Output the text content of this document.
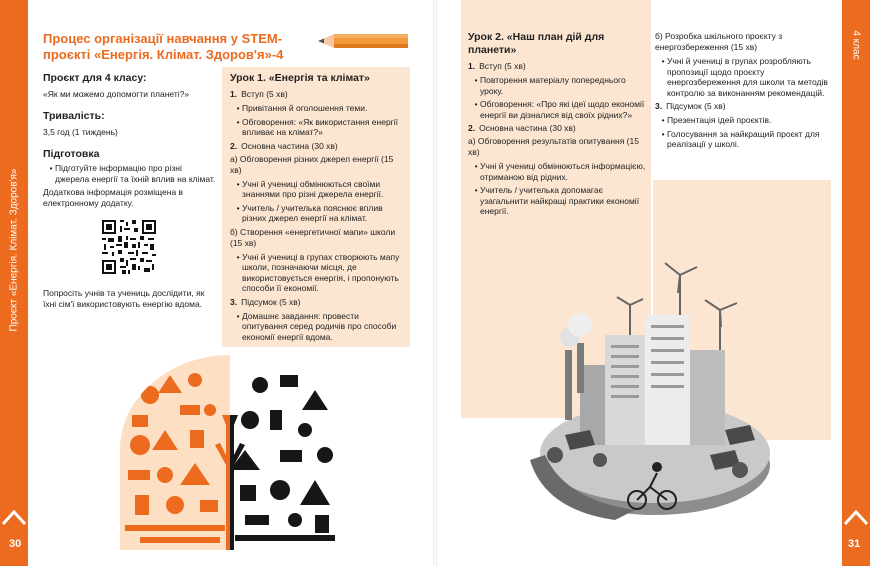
Проєкт «Енергія. Клімат. Здоров'я»
30
4 клас
31
Процес організації навчання у STEM-проєкті «Енергія. Клімат. Здоров'я»-4

Проєкт для 4 класу:

«Як ми можемо допомогти планеті?»

Тривалість:

3,5 год (1 тиждень)

Підготовка

• Підготуйте інформацію про різні джерела енергії та їхній вплив на клімат.

Додаткова інформація розміщена в електронному додатку.

Попросіть учнів та учениць дослідити, як їхні сім'ї використовують енергію вдома.

Урок 1. «Енергія та клімат»

1. Вступ (5 хв)

• Привітання й оголошення теми.
• Обговорення: «Як використання енергії впливає на клімат?»

2. Основна частина (30 хв)

а) Обговорення різних джерел енергії (15 хв)

• Учні й учениці обмінюються своїми знаннями про різні джерела енергії.
• Учитель / учителька пояснює вплив різних джерел енергії на клімат.

б) Створення «енергетичної мапи» школи (15 хв)

• Учні й учениці в групах створюють мапу школи, позначаючи місця, де використовується енергія, і пропонують способи її економії.

3. Підсумок (5 хв)

• Домашнє завдання: провести опитування серед родичів про способи економії енергії вдома.

Урок 2. «Наш план дій для планети»

1. Вступ (5 хв)

• Повторення матеріалу попереднього уроку.
• Обговорення: «Про які ідеї щодо економії енергії ви дізналися від своїх рідних?»

2. Основна частина (30 хв)

а) Обговорення результатів опитування (15 хв)

• Учні й учениці обмінюються інформацією, отриманою від рідних.
• Учитель / учителька допомагає узагальнити найкращі практики економії енергії.

б) Розробка шкільного проєкту з енергозбереження (15 хв)

• Учні й учениці в групах розробляють пропозиції щодо проєкту енергозбереження для школи та методів контролю за виконанням рекомендацій.

3. Підсумок (5 хв)

• Презентація ідей проєктів.
• Голосування за найкращий проєкт для реалізації у школі.
